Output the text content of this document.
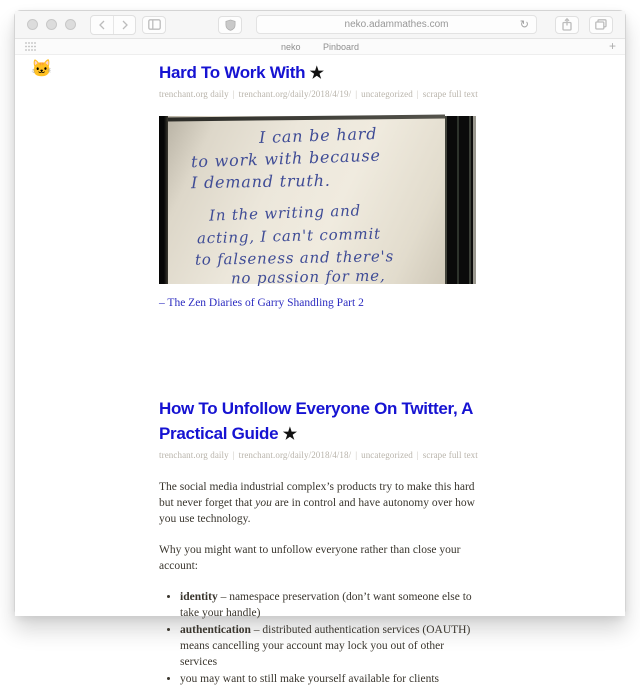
neko.adammathes.com	↻
neko	Pinboard	+
🐱	Hard To Work With ★
trenchant.org daily | trenchant.org/daily/2018/4/19/ | uncategorized | scrape full text
I can be hard
to work with because
I demand truth.
In the writing and
acting, I can't commit
to falseness and there's
no passion for me,
– The Zen Diaries of Garry Shandling Part 2
How To Unfollow Everyone On Twitter, A Practical Guide ★
trenchant.org daily | trenchant.org/daily/2018/4/18/ | uncategorized | scrape full text

The social media industrial complex’s products try to make this hard but never forget that you are in control and have autonomy over how you use technology.

Why you might want to unfollow everyone rather than close your account:

• identity – namespace preservation (don’t want someone else to take your handle)
• authentication – distributed authentication services (OAUTH) means cancelling your account may lock you out of other services
• you may want to still make yourself available for clients
